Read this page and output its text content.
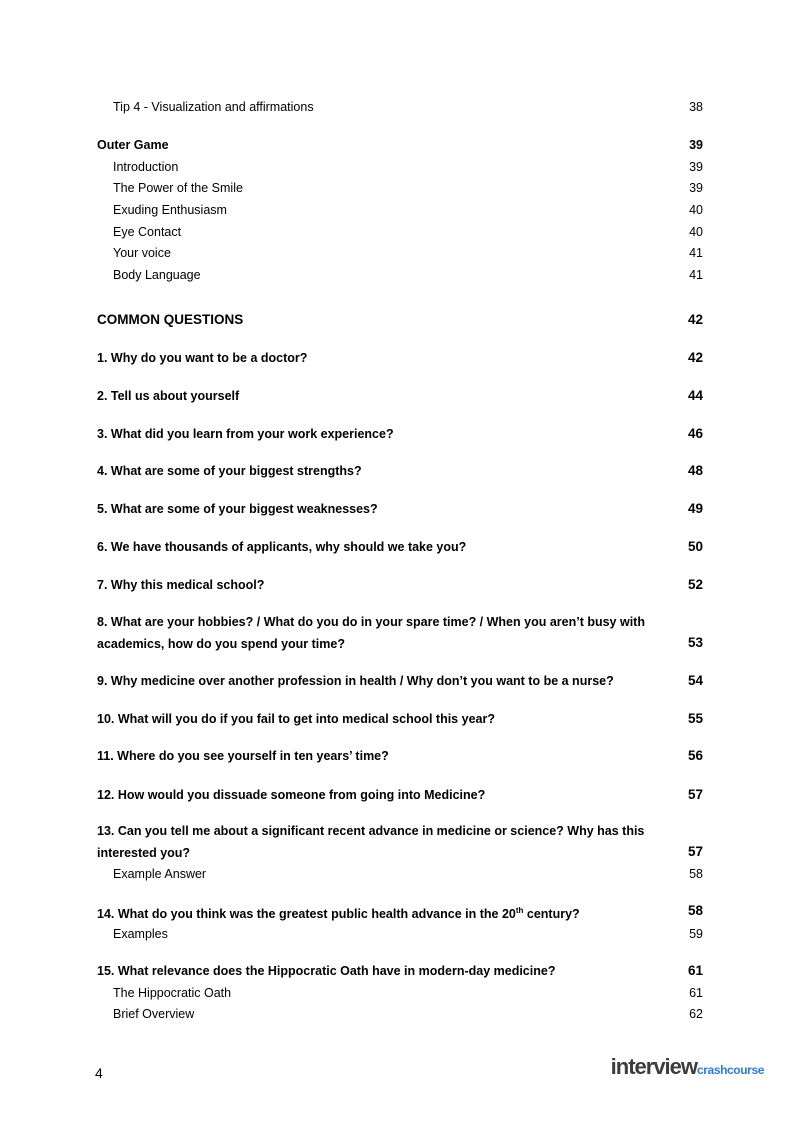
Tip 4 - Visualization and affirmations	38
Outer Game	39
Introduction	39
The Power of the Smile	39
Exuding Enthusiasm	40
Eye Contact	40
Your voice	41
Body Language	41
COMMON QUESTIONS	42
1. Why do you want to be a doctor?	42
2. Tell us about yourself	44
3. What did you learn from your work experience?	46
4. What are some of your biggest strengths?	48
5. What are some of your biggest weaknesses?	49
6. We have thousands of applicants, why should we take you?	50
7. Why this medical school?	52
8. What are your hobbies? / What do you do in your spare time? / When you aren’t busy with academics, how do you spend your time?	53
9. Why medicine over another profession in health / Why don’t you want to be a nurse?	54
10. What will you do if you fail to get into medical school this year?	55
11. Where do you see yourself in ten years’ time?	56
12. How would you dissuade someone from going into Medicine?	57
13. Can you tell me about a significant recent advance in medicine or science? Why has this interested you?	57
Example Answer	58
14. What do you think was the greatest public health advance in the 20th century?	58
Examples	59
15. What relevance does the Hippocratic Oath have in modern-day medicine?	61
The Hippocratic Oath	61
Brief Overview	62
4	interviewcrashcourse
